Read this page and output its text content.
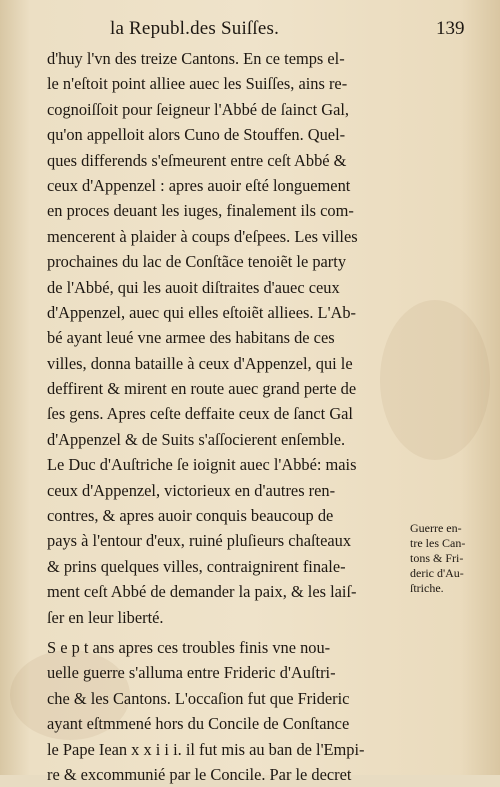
la Republ.des Suiſſes.	139
d'huy l'vn des treize Cantons. En ce temps el-
le n'eſtoit point alliee auec les Suiſſes, ains re-
cognoiſſoit pour ſeigneur l'Abbé de ſainct Gal,
qu'on appelloit alors Cuno de Stouffen. Quel-
ques differends s'eſmeurent entre ceſt Abbé &
ceux d'Appenzel : apres auoir eſté longuement
en proces deuant les iuges, finalement ils com-
mencerent à plaider à coups d'eſpees. Les villes
prochaines du lac de Conſtãce tenoiẽt le party
de l'Abbé, qui les auoit diſtraites d'auec ceux
d'Appenzel, auec qui elles eſtoiẽt alliees. L'Ab-
bé ayant leué vne armee des habitans de ces
villes, donna bataille à ceux d'Appenzel, qui le
deffirent & mirent en route auec grand perte de
ſes gens. Apres ceſte deffaite ceux de ſanct Gal
d'Appenzel & de Suits s'aſſocierent enſemble.
Le Duc d'Auſtriche ſe ioignit auec l'Abbé: mais
ceux d'Appenzel, victorieux en d'autres ren-
contres, & apres auoir conquis beaucoup de
pays à l'entour d'eux, ruiné pluſieurs chaſteaux
& prins quelques villes, contraignirent finale-
ment ceſt Abbé de demander la paix, & les laiſ-
ſer en leur liberté.
S e p t ans apres ces troubles finis vne nou-
uelle guerre s'alluma entre Frideric d'Auſtri-
che & les Cantons. L'occaſion fut que Frideric
ayant eſtmmené hors du Concile de Conſtance
le Pape Iean x x i i i. il fut mis au ban de l'Empi-
re & excommunié par le Concile. Par le decret
Guerre en-
tre les Can-
tons & Fri-
deric d'Au-
ſtriche.
